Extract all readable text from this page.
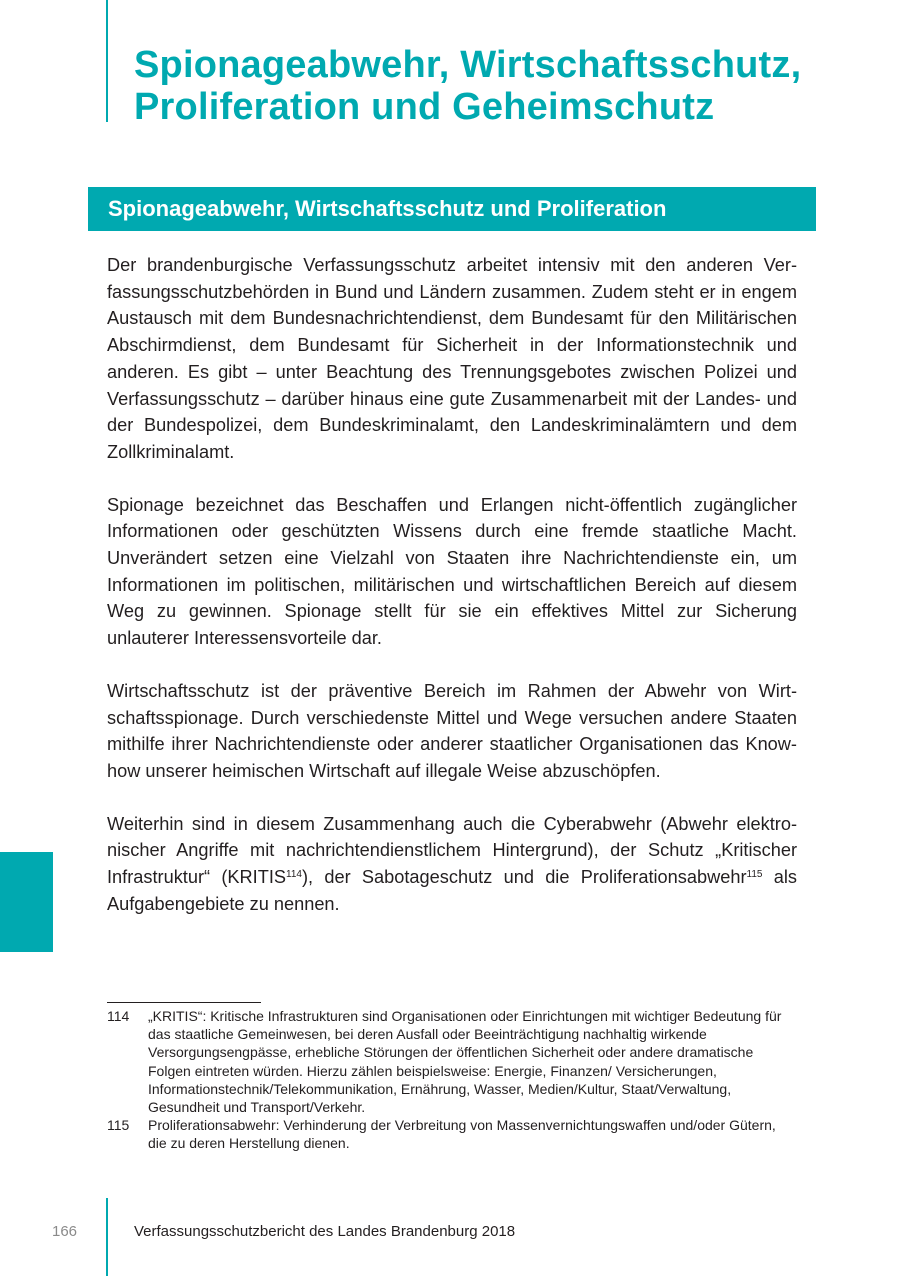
Spionageabwehr, Wirtschaftsschutz,
Proliferation und Geheimschutz
Spionageabwehr, Wirtschaftsschutz und Proliferation

Der brandenburgische Verfassungsschutz arbeitet intensiv mit den anderen Verfassungsschutzbehörden in Bund und Ländern zusammen. Zudem steht er in engem Austausch mit dem Bundesnachrichtendienst, dem Bundesamt für den Militärischen Abschirmdienst, dem Bundesamt für Sicherheit in der Informationstechnik und anderen. Es gibt – unter Beachtung des Trennungsgebotes zwischen Polizei und Verfassungsschutz – darüber hinaus eine gute Zusammenarbeit mit der Landes- und der Bundespolizei, dem Bundeskriminalamt, den Landeskriminalämtern und dem Zollkriminalamt.

Spionage bezeichnet das Beschaffen und Erlangen nicht-öffentlich zugänglicher Informationen oder geschützten Wissens durch eine fremde staatliche Macht. Unverändert setzen eine Vielzahl von Staaten ihre Nachrichtendienste ein, um Informationen im politischen, militärischen und wirtschaftlichen Bereich auf diesem Weg zu gewinnen. Spionage stellt für sie ein effektives Mittel zur Sicherung unlauterer Interessensvorteile dar.

Wirtschaftsschutz ist der präventive Bereich im Rahmen der Abwehr von Wirtschaftsspionage. Durch verschiedenste Mittel und Wege versuchen andere Staaten mithilfe ihrer Nachrichtendienste oder anderer staatlicher Organisationen das Know-how unserer heimischen Wirtschaft auf illegale Weise abzuschöpfen.

Weiterhin sind in diesem Zusammenhang auch die Cyberabwehr (Abwehr elektronischer Angriffe mit nachrichtendienstlichem Hintergrund), der Schutz „Kritischer Infrastruktur“ (KRITIS$^{114}$), der Sabotageschutz und die Proliferationsabwehr$^{115}$ als Aufgabengebiete zu nennen.

114	„KRITIS“: Kritische Infrastrukturen sind Organisationen oder Einrichtungen mit wichtiger Bedeutung für das staatliche Gemeinwesen, bei deren Ausfall oder Beeinträchtigung nachhaltig wirkende Versorgungsengpässe, erhebliche Störungen der öffentlichen Sicherheit oder andere dramatische Folgen eintreten würden. Hierzu zählen beispielsweise: Energie, Finanzen/ Versicherungen, Informationstechnik/Telekommunikation, Ernährung, Wasser, Medien/Kultur, Staat/Verwaltung, Gesundheit und Transport/Verkehr.
115	Proliferationsabwehr: Verhinderung der Verbreitung von Massenvernichtungswaffen und/oder Gütern, die zu deren Herstellung dienen.
166	Verfassungsschutzbericht des Landes Brandenburg 2018
